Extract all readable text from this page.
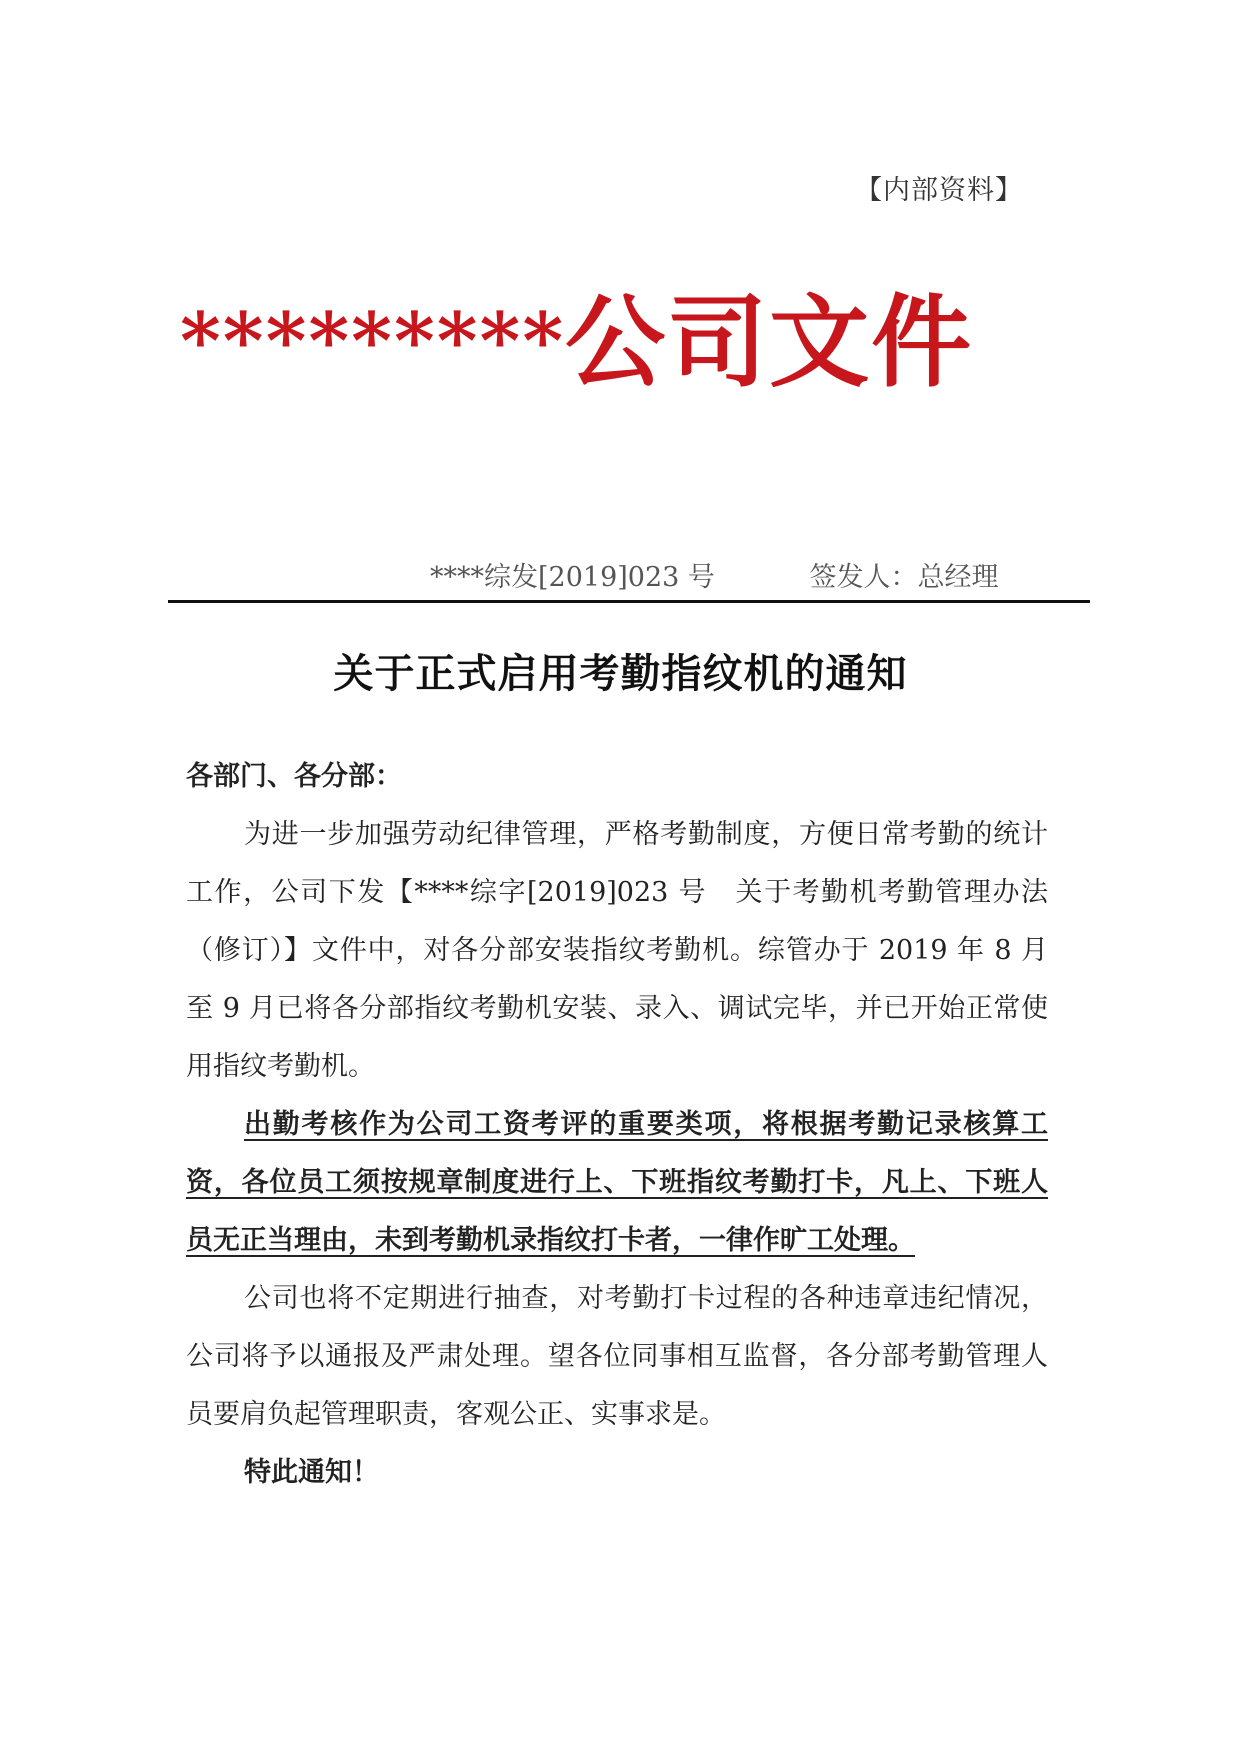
【内部资料】
*********公司文件
****综发[2019]023 号	签发人：总经理
关于正式启用考勤指纹机的通知

各部门、各分部：

为进一步加强劳动纪律管理，严格考勤制度，方便日常考勤的统计工作，公司下发【****综字[2019]023 号　关于考勤机考勤管理办法（修订）】文件中，对各分部安装指纹考勤机。综管办于 2019 年 8 月至 9 月已将各分部指纹考勤机安装、录入、调试完毕，并已开始正常使用指纹考勤机。

出勤考核作为公司工资考评的重要类项，将根据考勤记录核算工资，各位员工须按规章制度进行上、下班指纹考勤打卡，凡上、下班人员无正当理由，未到考勤机录指纹打卡者，一律作旷工处理。

公司也将不定期进行抽查，对考勤打卡过程的各种违章违纪情况，公司将予以通报及严肃处理。望各位同事相互监督，各分部考勤管理人员要肩负起管理职责，客观公正、实事求是。

特此通知！
